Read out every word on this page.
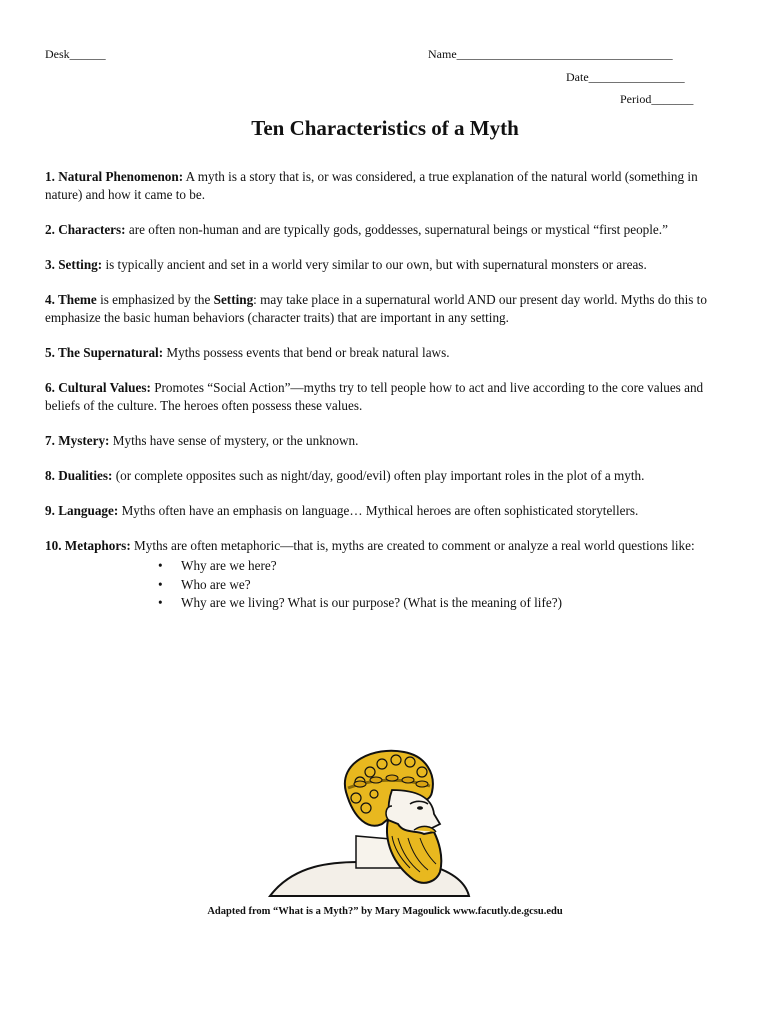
Desk______	Name____________________________________
Date________________
Period_______
Ten Characteristics of a Myth

1. Natural Phenomenon: A myth is a story that is, or was considered, a true explanation of the natural world (something in nature) and how it came to be.

2. Characters: are often non-human and are typically gods, goddesses, supernatural beings or mystical “first people.”

3. Setting: is typically ancient and set in a world very similar to our own, but with supernatural monsters or areas.

4. Theme is emphasized by the Setting: may take place in a supernatural world AND our present day world. Myths do this to emphasize the basic human behaviors (character traits) that are important in any setting.

5. The Supernatural: Myths possess events that bend or break natural laws.

6. Cultural Values: Promotes “Social Action”—myths try to tell people how to act and live according to the core values and beliefs of the culture. The heroes often possess these values.

7. Mystery: Myths have sense of mystery, or the unknown.

8. Dualities: (or complete opposites such as night/day, good/evil) often play important roles in the plot of a myth.

9. Language: Myths often have an emphasis on language… Mythical heroes are often sophisticated storytellers.

10. Metaphors: Myths are often metaphoric—that is, myths are created to comment or analyze a real world questions like:

• Why are we here?
• Who are we?
• Why are we living? What is our purpose? (What is the meaning of life?)
Adapted from “What is a Myth?” by Mary Magoulick www.facutly.de.gcsu.edu
